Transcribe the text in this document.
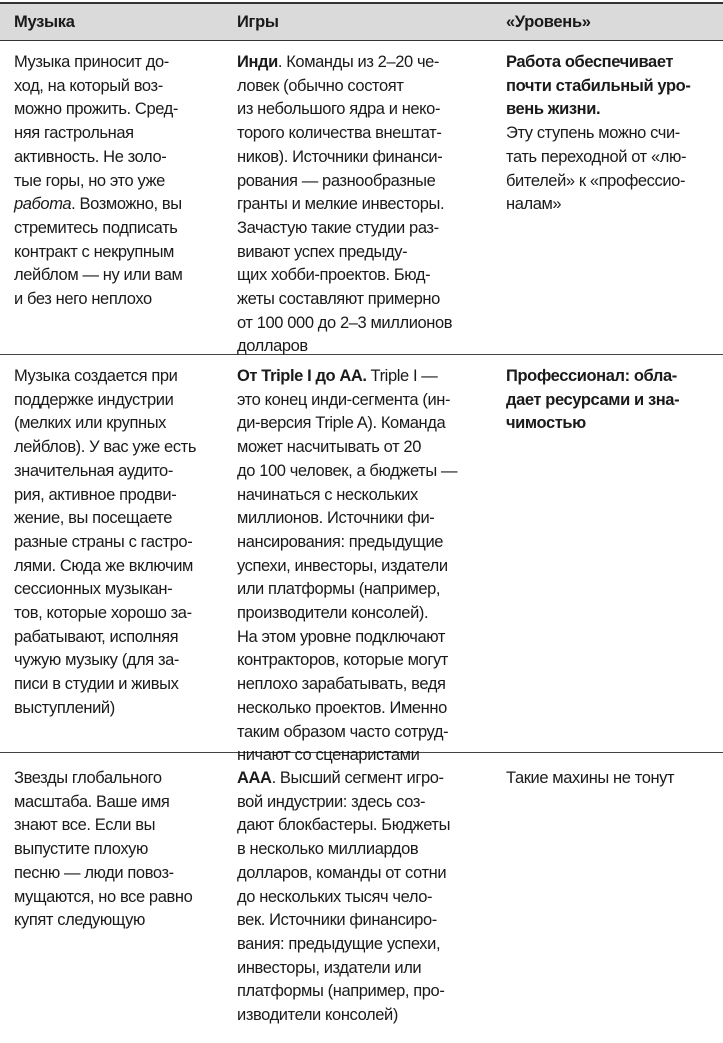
Музыка	Игры	«Уровень»
Музыка приносит до-
ход, на который воз-
можно прожить. Сред-
няя гастрольная
активность. Не золо-
тые горы, но это уже
работа. Возможно, вы
стремитесь подписать
контракт с некрупным
лейблом — ну или вам
и без него неплохо
Инди. Команды из 2–20 че-
ловек (обычно состоят
из небольшого ядра и неко-
торого количества внештат-
ников). Источники финанси-
рования — разнообразные
гранты и мелкие инвесторы.
Зачастую такие студии раз-
вивают успех предыду-
щих хобби-проектов. Бюд-
жеты составляют примерно
от 100 000 до 2–3 миллионов
долларов
Работа обеспечивает
почти стабильный уро-
вень жизни.
Эту ступень можно счи-
тать переходной от «лю-
бителей» к «профессио-
налам»
Музыка создается при
поддержке индустрии
(мелких или крупных
лейблов). У вас уже есть
значительная аудито-
рия, активное продви-
жение, вы посещаете
разные страны с гастро-
лями. Сюда же включим
сессионных музыкан-
тов, которые хорошо за-
рабатывают, исполняя
чужую музыку (для за-
писи в студии и живых
выступлений)
От Triple I до AA. Triple I —
это конец инди-сегмента (ин-
ди-версия Triple A). Команда
может насчитывать от 20
до 100 человек, а бюджеты —
начинаться с нескольких
миллионов. Источники фи-
нансирования: предыдущие
успехи, инвесторы, издатели
или платформы (например,
производители консолей).
На этом уровне подключают
контракторов, которые могут
неплохо зарабатывать, ведя
несколько проектов. Именно
таким образом часто сотруд-
ничают со сценаристами
Профессионал: обла-
дает ресурсами и зна-
чимостью
Звезды глобального
масштаба. Ваше имя
знают все. Если вы
выпустите плохую
песню — люди повоз-
мущаются, но все равно
купят следующую
AAA. Высший сегмент игро-
вой индустрии: здесь соз-
дают блокбастеры. Бюджеты
в несколько миллиардов
долларов, команды от сотни
до нескольких тысяч чело-
век. Источники финансиро-
вания: предыдущие успехи,
инвесторы, издатели или
платформы (например, про-
изводители консолей)
Такие махины не тонут
